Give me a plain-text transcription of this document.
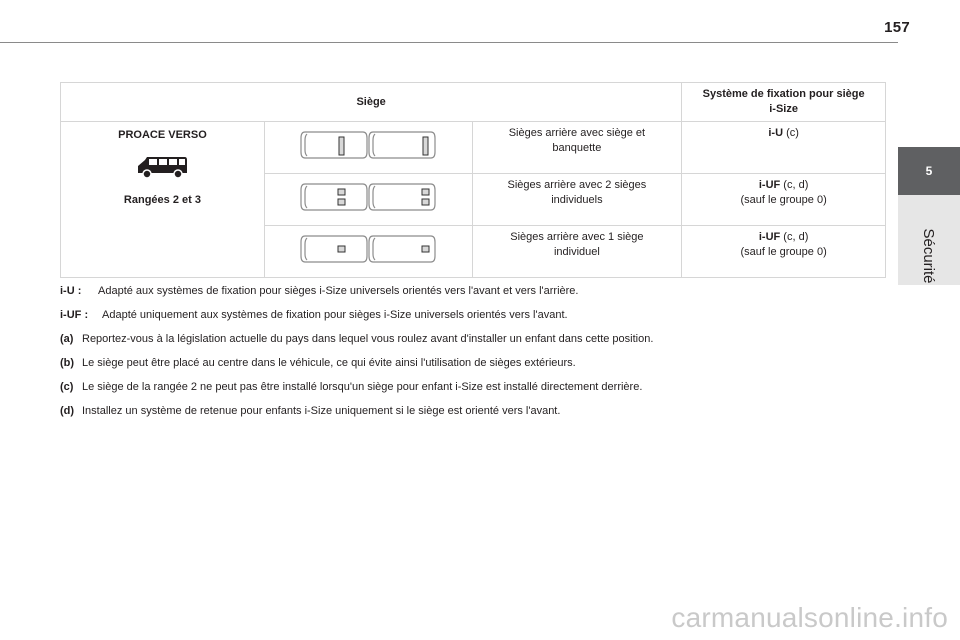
157
5
Sécurité
Siège			Système de fixation pour siège
i-Size

PROACE VERSO
Rangées 2 et 3		Sièges arrière avec siège et
banquette	i-U (c)
	Sièges arrière avec 2 sièges
individuels	i-UF (c, d)
(sauf le groupe 0)
	Sièges arrière avec 1 siège
individuel	i-UF (c, d)
(sauf le groupe 0)
i-U :	Adapté aux systèmes de fixation pour sièges i-Size universels orientés vers l'avant et vers l'arrière.
i-UF :	Adapté uniquement aux systèmes de fixation pour sièges i-Size universels orientés vers l'avant.
(a) Reportez-vous à la législation actuelle du pays dans lequel vous roulez avant d'installer un enfant dans cette position.
(b) Le siège peut être placé au centre dans le véhicule, ce qui évite ainsi l'utilisation de sièges extérieurs.
(c) Le siège de la rangée 2 ne peut pas être installé lorsqu'un siège pour enfant i-Size est installé directement derrière.
(d) Installez un système de retenue pour enfants i-Size uniquement si le siège est orienté vers l'avant.
carmanualsonline.info
